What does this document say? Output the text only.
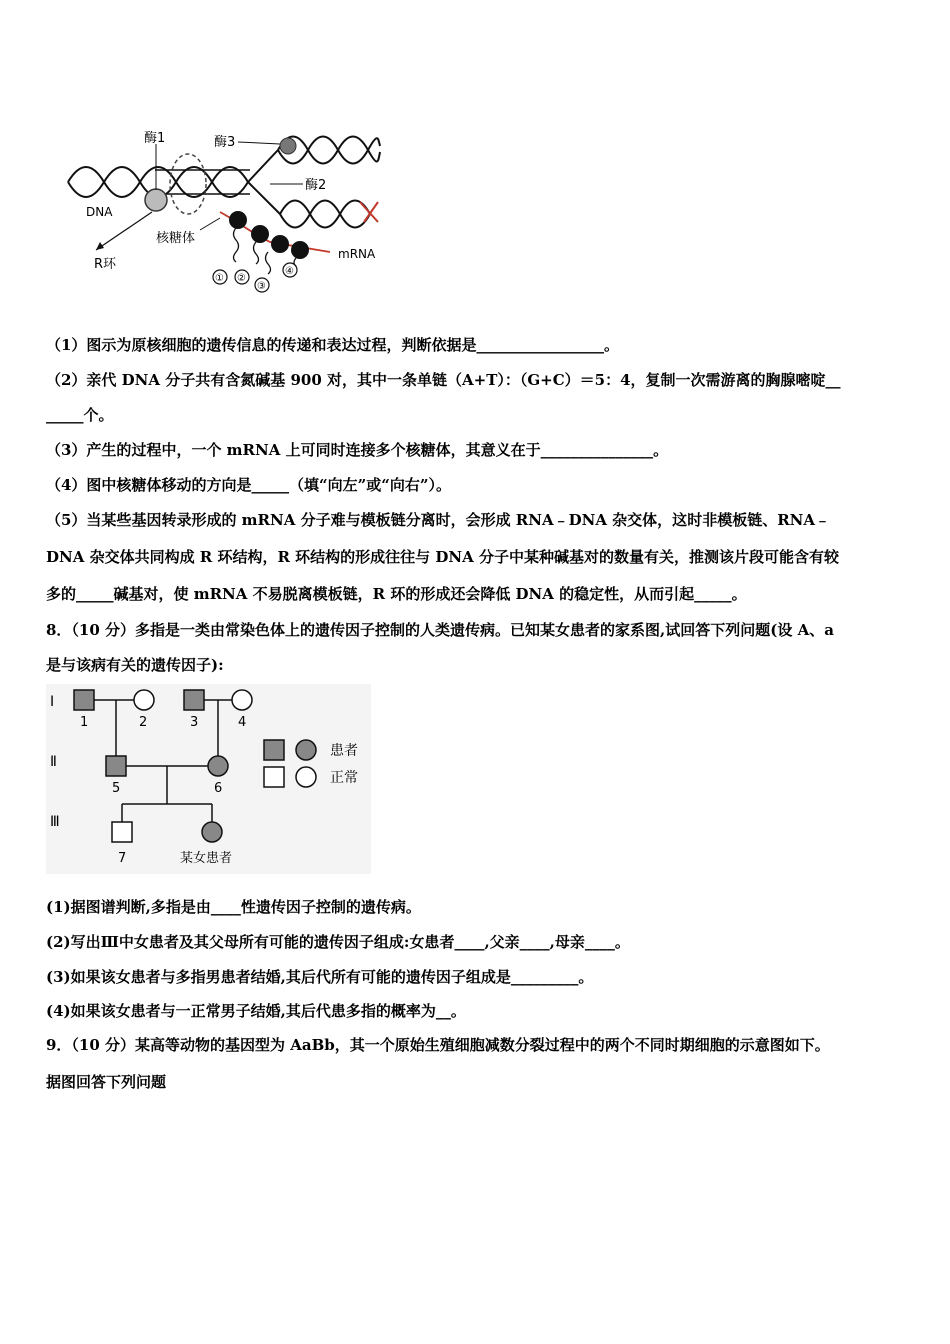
酶1	酶3
酶2
DNA
核糖体
R环
mRNA
① ②
③
④
（1）图示为原核细胞的遗传信息的传递和表达过程，判断依据是_________________。
（2）亲代 DNA 分子共有含氮碱基 900 对，其中一条单链（A+T）：（G+C）＝5：4，复制一次需游离的胸腺嘧啶__
_____个。
（3）产生的过程中，一个 mRNA 上可同时连接多个核糖体，其意义在于_______________。
（4）图中核糖体移动的方向是_____（填“向左”或“向右”）。
（5）当某些基因转录形成的 mRNA 分子难与模板链分离时，会形成 RNA﹣DNA 杂交体，这时非模板链、RNA﹣
DNA 杂交体共同构成 R 环结构，R 环结构的形成往往与 DNA 分子中某种碱基对的数量有关，推测该片段可能含有较
多的_____碱基对，使 mRNA 不易脱离模板链，R 环的形成还会降低 DNA 的稳定性，从而引起_____。
8．（10 分）多指是一类由常染色体上的遗传因子控制的人类遗传病。已知某女患者的家系图,试回答下列问题(设 A、a
是与该病有关的遗传因子):
Ⅰ
Ⅱ
Ⅲ
1	2	3	4
5	6
7	某女患者
患者
正常
(1)据图谱判断,多指是由____性遗传因子控制的遗传病。
(2)写出Ⅲ中女患者及其父母所有可能的遗传因子组成:女患者____,父亲____,母亲____。
(3)如果该女患者与多指男患者结婚,其后代所有可能的遗传因子组成是_________。
(4)如果该女患者与一正常男子结婚,其后代患多指的概率为__。
9．（10 分）某高等动物的基因型为 AaBb，其一个原始生殖细胞减数分裂过程中的两个不同时期细胞的示意图如下。
据图回答下列问题
